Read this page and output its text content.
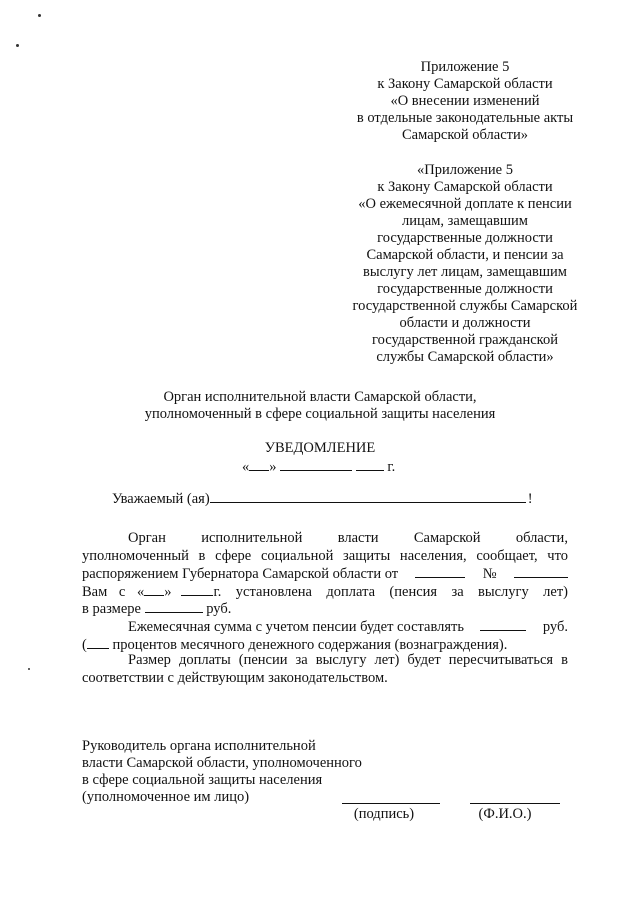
Приложение 5
к Закону Самарской области
«О внесении изменений
в отдельные законодательные акты
Самарской области»
«Приложение 5
к Закону Самарской области
«О ежемесячной доплате к пенсии
лицам, замещавшим
государственные должности
Самарской области, и пенсии за
выслугу лет лицам, замещавшим
государственные должности
государственной службы Самарской
области и должности
государственной гражданской
службы Самарской области»
Орган исполнительной власти Самарской области,
уполномоченный в сфере социальной защиты населения
УВЕДОМЛЕНИЕ
« »	г.
Уважаемый (ая)	!
Орган исполнительной власти Самарской области,
уполномоченный в сфере социальной защиты населения, сообщает, что
распоряжением Губернатора Самарской области от	№
Вам с « »	г. установлена доплата (пенсия за выслугу лет)
в размере	руб.
Ежемесячная сумма с учетом пенсии будет составлять	руб.
( процентов месячного денежного содержания (вознаграждения).
Размер доплаты (пенсии за выслугу лет) будет пересчитываться в
соответствии с действующим законодательством.
Руководитель органа исполнительной
власти Самарской области, уполномоченного
в сфере социальной защиты населения
(уполномоченное им лицо)
(подпись)	(Ф.И.О.)
